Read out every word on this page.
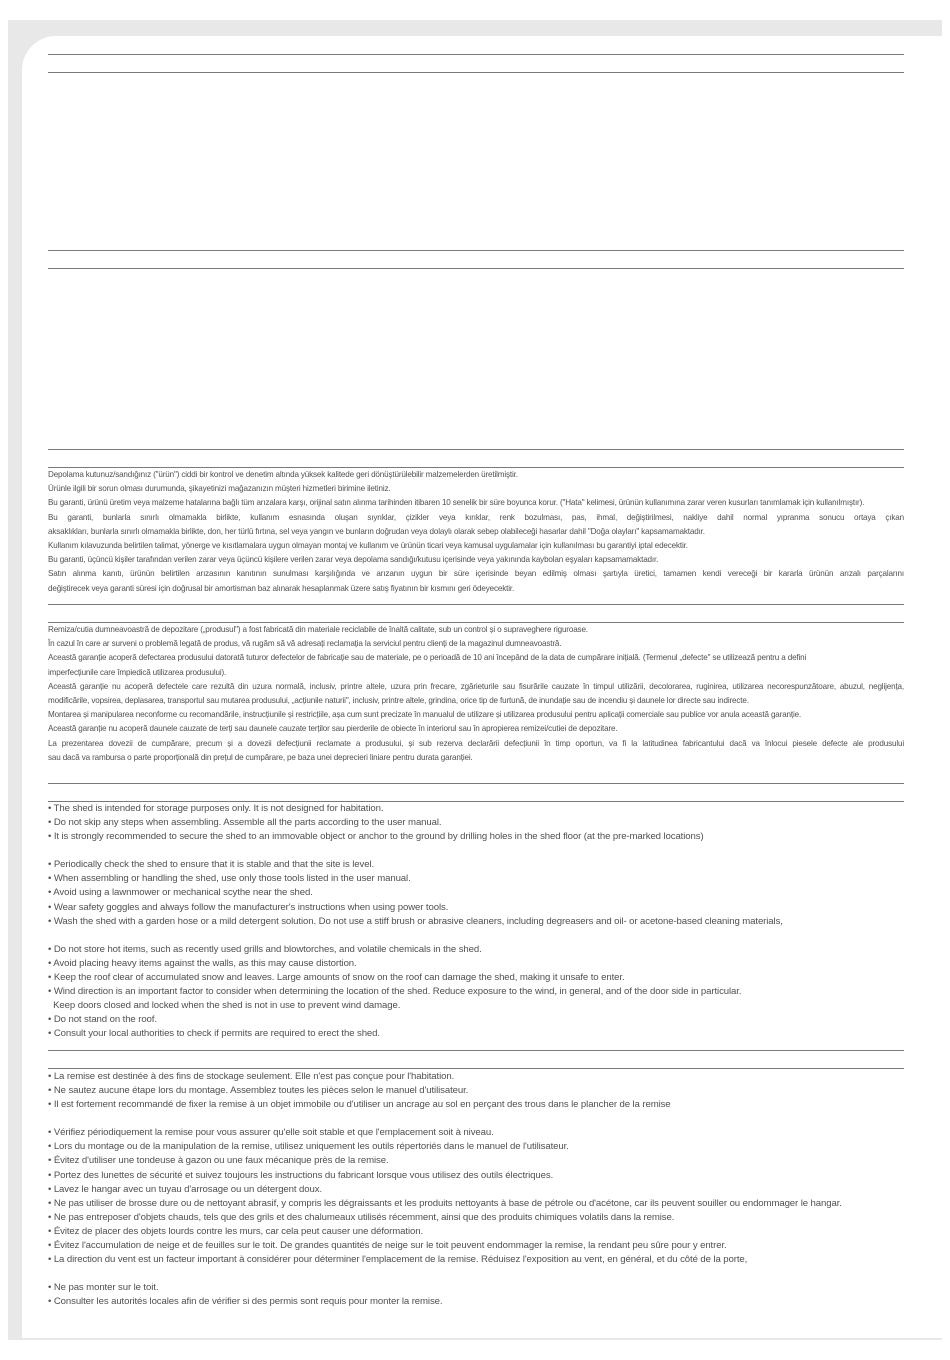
Depolama kutunuz/sandığınız ("ürün") ciddi bir kontrol ve denetim altında yüksek kalitede geri dönüştürülebilir malzemelerden üretilmiştir.
Ürünle ilgili bir sorun olması durumunda, şikayetinizi mağazanızın müşteri hizmetleri birimine iletiniz.
Bu garanti, ürünü üretim veya malzeme hatalarına bağlı tüm arızalara karşı, orijinal satın alınma tarihinden itibaren 10 senelik bir süre boyunca korur. ("Hata" kelimesi, ürünün kullanımına zarar veren kusurları tanımlamak için kullanılmıştır).
Bu garanti, bunlarla sınırlı olmamakla birlikte, kullanım esnasında oluşan sıyrıklar, çizikler veya kırıklar, renk bozulması, pas, ihmal, değiştirilmesi, nakliye dahil normal yıpranma sonucu ortaya çıkan
aksaklıkları, bunlarla sınırlı olmamakla birlikte, don, her türlü fırtına, sel veya yangın ve bunların doğrudan veya dolaylı olarak sebep olabileceği hasarlar dahil "Doğa olayları" kapsamamaktadır.
Kullanım kılavuzunda belirtilen talimat, yönerge ve kısıtlamalara uygun olmayan montaj ve kullanım ve ürünün ticari veya kamusal uygulamalar için kullanılması bu garantiyi iptal edecektir.
Bu garanti, üçüncü kişiler tarafından verilen zarar veya üçüncü kişilere verilen zarar veya depolama sandığı/kutusu içerisinde veya yakınında kaybolan eşyaları kapsamamaktadır.
Satın alınma kanıtı, ürünün belirtilen arızasının kanıtının sunulması karşılığında ve arızanın uygun bir süre içerisinde beyan edilmiş olması şartıyla üretici, tamamen kendi vereceği bir kararla ürünün arızalı parçalarını
değiştirecek veya garanti süresi için doğrusal bir amortisman baz alınarak hesaplanmak üzere satış fiyatının bir kısmını geri ödeyecektir.
Remiza/cutia dumneavoastră de depozitare („produsul") a fost fabricată din materiale reciclabile de înaltă calitate, sub un control și o supraveghere riguroase.
În cazul în care ar surveni o problemă legată de produs, vă rugăm să vă adresați reclamația la serviciul pentru clienți de la magazinul dumneavoastră.
Această garanție acoperă defectarea produsului datorată tuturor defectelor de fabricație sau de materiale, pe o perioadă de 10 ani începând de la data de cumpărare inițială. (Termenul „defecte" se utilizează pentru a defini
imperfecțiunile care împiedică utilizarea produsului).
Această garanție nu acoperă defectele care rezultă din uzura normală, inclusiv, printre altele, uzura prin frecare, zgârieturile sau fisurările cauzate în timpul utilizării, decolorarea, ruginirea, utilizarea necorespunzătoare, abuzul, neglijența,
modificările, vopsirea, deplasarea, transportul sau mutarea produsului, „acțiunile naturii", inclusiv, printre altele, grindina, orice tip de furtună, de inundație sau de incendiu și daunele lor directe sau indirecte.
Montarea și manipularea neconforme cu recomandările, instrucțiunile și restricțiile, așa cum sunt precizate în manualul de utilizare și utilizarea produsului pentru aplicații comerciale sau publice vor anula această garanție.
Această garanție nu acoperă daunele cauzate de terți sau daunele cauzate terților sau pierderile de obiecte în interiorul sau în apropierea remizei/cutiei de depozitare.
La prezentarea dovezii de cumpărare, precum și a dovezii defecțiunii reclamate a produsului, și sub rezerva declarării defecțiunii în timp oportun, va fi la latitudinea fabricantului dacă va înlocui piesele defecte ale produsului
sau dacă va rambursa o parte proporțională din prețul de cumpărare, pe baza unei deprecieri liniare pentru durata garanției.
• The shed is intended for storage purposes only. It is not designed for habitation.
• Do not skip any steps when assembling. Assemble all the parts according to the user manual.
• It is strongly recommended to secure the shed to an immovable object or anchor to the ground by drilling holes in the shed floor (at the pre-marked locations)
• Periodically check the shed to ensure that it is stable and that the site is level.
• When assembling or handling the shed, use only those tools listed in the user manual.
• Avoid using a lawnmower or mechanical scythe near the shed.
• Wear safety goggles and always follow the manufacturer's instructions when using power tools.
• Wash the shed with a garden hose or a mild detergent solution. Do not use a stiff brush or abrasive cleaners, including degreasers and oil- or acetone-based cleaning materials,
• Do not store hot items, such as recently used grills and blowtorches, and volatile chemicals in the shed.
• Avoid placing heavy items against the walls, as this may cause distortion.
• Keep the roof clear of accumulated snow and leaves. Large amounts of snow on the roof can damage the shed, making it unsafe to enter.
• Wind direction is an important factor to consider when determining the location of the shed. Reduce exposure to the wind, in general, and of the door side in particular.
Keep doors closed and locked when the shed is not in use to prevent wind damage.
• Do not stand on the roof.
• Consult your local authorities to check if permits are required to erect the shed.
• La remise est destinée à des fins de stockage seulement. Elle n'est pas conçue pour l'habitation.
• Ne sautez aucune étape lors du montage. Assemblez toutes les pièces selon le manuel d'utilisateur.
• Il est fortement recommandé de fixer la remise à un objet immobile ou d'utiliser un ancrage au sol en perçant des trous dans le plancher de la remise
• Vérifiez périodiquement la remise pour vous assurer qu'elle soit stable et que l'emplacement soit à niveau.
• Lors du montage ou de la manipulation de la remise, utilisez uniquement les outils répertoriés dans le manuel de l'utilisateur.
• Évitez d'utiliser une tondeuse à gazon ou une faux mécanique près de la remise.
• Portez des lunettes de sécurité et suivez toujours les instructions du fabricant lorsque vous utilisez des outils électriques.
• Lavez le hangar avec un tuyau d'arrosage ou un détergent doux.
• Ne pas utiliser de brosse dure ou de nettoyant abrasif, y compris les dégraissants et les produits nettoyants à base de pétrole ou d'acétone, car ils peuvent souiller ou endommager le hangar.
• Ne pas entreposer d'objets chauds, tels que des grils et des chalumeaux utilisés récemment, ainsi que des produits chimiques volatils dans la remise.
• Évitez de placer des objets lourds contre les murs, car cela peut causer une déformation.
• Évitez l'accumulation de neige et de feuilles sur le toit. De grandes quantités de neige sur le toit peuvent endommager la remise, la rendant peu sûre pour y entrer.
• La direction du vent est un facteur important à considérer pour déterminer l'emplacement de la remise. Réduisez l'exposition au vent, en général, et du côté de la porte,
• Ne pas monter sur le toit.
• Consulter les autorités locales afin de vérifier si des permis sont requis pour monter la remise.
